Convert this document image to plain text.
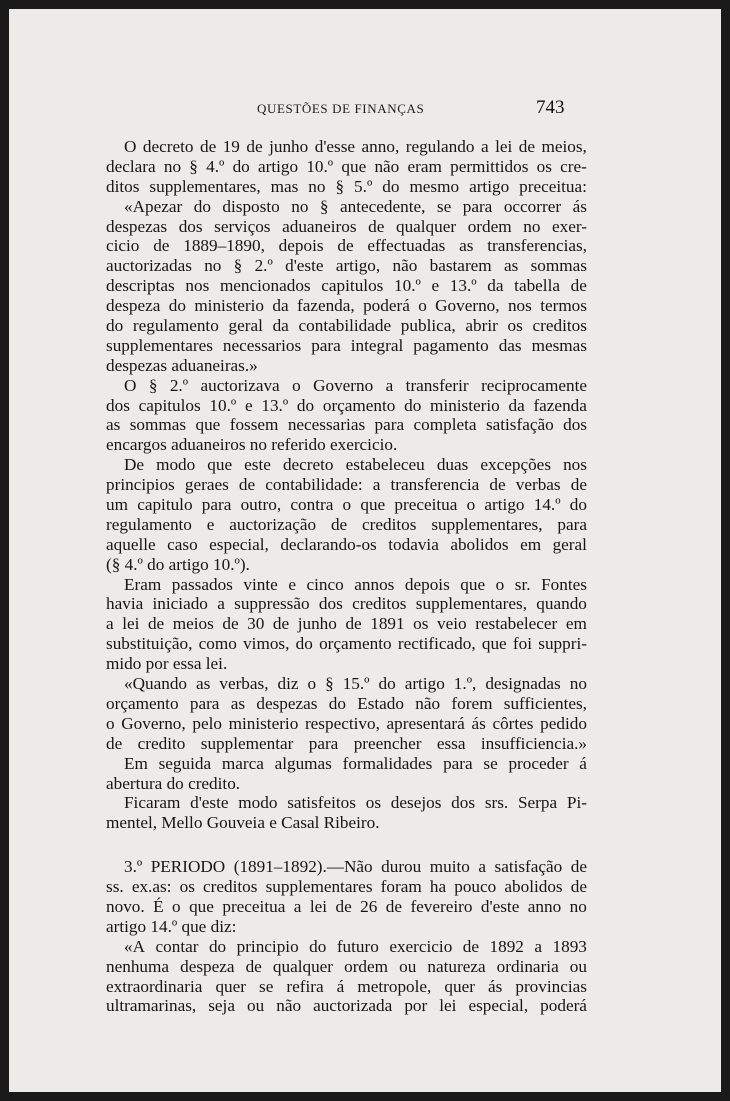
QUESTÕES DE FINANÇAS	743
O decreto de 19 de junho d'esse anno, regulando a lei de meios,
declara no § 4.º do artigo 10.º que não eram permittidos os cre-
ditos supplementares, mas no § 5.º do mesmo artigo preceitua:
«Apezar do disposto no § antecedente, se para occorrer ás
despezas dos serviços aduaneiros de qualquer ordem no exer-
cicio de 1889–1890, depois de effectuadas as transferencias,
auctorizadas no § 2.º d'este artigo, não bastarem as sommas
descriptas nos mencionados capitulos 10.º e 13.º da tabella de
despeza do ministerio da fazenda, poderá o Governo, nos termos
do regulamento geral da contabilidade publica, abrir os creditos
supplementares necessarios para integral pagamento das mesmas
despezas aduaneiras.»
O § 2.º auctorizava o Governo a transferir reciprocamente
dos capitulos 10.º e 13.º do orçamento do ministerio da fazenda
as sommas que fossem necessarias para completa satisfação dos
encargos aduaneiros no referido exercicio.
De modo que este decreto estabeleceu duas excepções nos
principios geraes de contabilidade: a transferencia de verbas de
um capitulo para outro, contra o que preceitua o artigo 14.º do
regulamento e auctorização de creditos supplementares, para
aquelle caso especial, declarando-os todavia abolidos em geral
(§ 4.º do artigo 10.º).
Eram passados vinte e cinco annos depois que o sr. Fontes
havia iniciado a suppressão dos creditos supplementares, quando
a lei de meios de 30 de junho de 1891 os veio restabelecer em
substituição, como vimos, do orçamento rectificado, que foi suppri-
mido por essa lei.
«Quando as verbas, diz o § 15.º do artigo 1.º, designadas no
orçamento para as despezas do Estado não forem sufficientes,
o Governo, pelo ministerio respectivo, apresentará ás côrtes pedido
de credito supplementar para preencher essa insufficiencia.»
Em seguida marca algumas formalidades para se proceder á
abertura do credito.
Ficaram d'este modo satisfeitos os desejos dos srs. Serpa Pi-
mentel, Mello Gouveia e Casal Ribeiro.
3.º PERIODO (1891–1892).—Não durou muito a satisfação de
ss. ex.as: os creditos supplementares foram ha pouco abolidos de
novo. É o que preceitua a lei de 26 de fevereiro d'este anno no
artigo 14.º que diz:
«A contar do principio do futuro exercicio de 1892 a 1893
nenhuma despeza de qualquer ordem ou natureza ordinaria ou
extraordinaria quer se refira á metropole, quer ás provincias
ultramarinas, seja ou não auctorizada por lei especial, poderá
